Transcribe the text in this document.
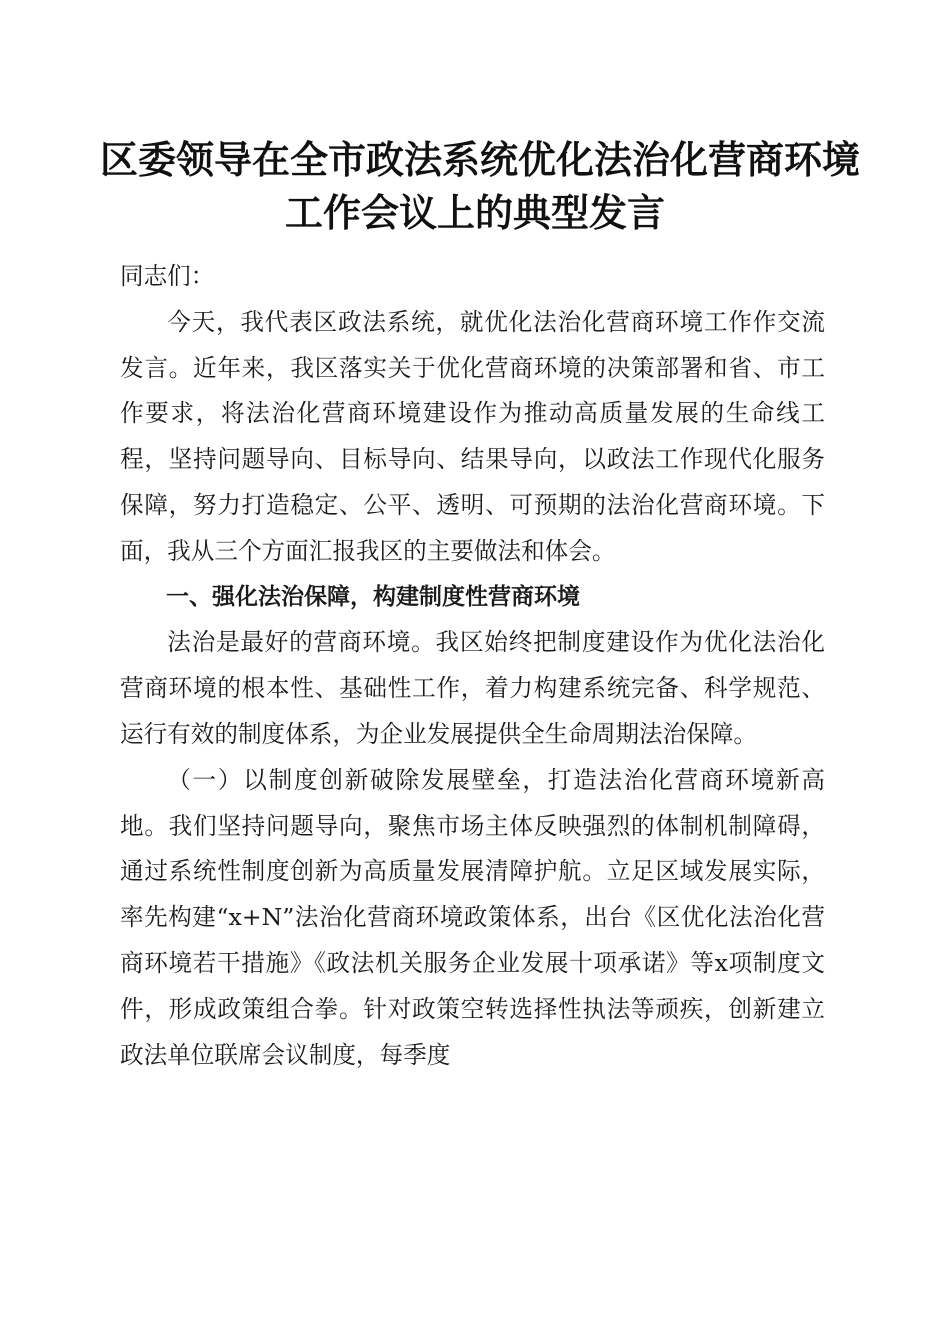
区委领导在全市政法系统优化法治化营商环境
工作会议上的典型发言

同志们：

今天，我代表区政法系统，就优化法治化营商环境工作作交流发言。近年来，我区落实关于优化营商环境的决策部署和省、市工作要求，将法治化营商环境建设作为推动高质量发展的生命线工程，坚持问题导向、目标导向、结果导向，以政法工作现代化服务保障，努力打造稳定、公平、透明、可预期的法治化营商环境。下面，我从三个方面汇报我区的主要做法和体会。

一、强化法治保障，构建制度性营商环境

法治是最好的营商环境。我区始终把制度建设作为优化法治化营商环境的根本性、基础性工作，着力构建系统完备、科学规范、运行有效的制度体系，为企业发展提供全生命周期法治保障。

（一）以制度创新破除发展壁垒，打造法治化营商环境新高地。我们坚持问题导向，聚焦市场主体反映强烈的体制机制障碍，通过系统性制度创新为高质量发展清障护航。立足区域发展实际，率先构建“x+N”法治化营商环境政策体系，出台《区优化法治化营商环境若干措施》《政法机关服务企业发展十项承诺》等x项制度文件，形成政策组合拳。针对政策空转选择性执法等顽疾，创新建立政法单位联席会议制度，每季度
